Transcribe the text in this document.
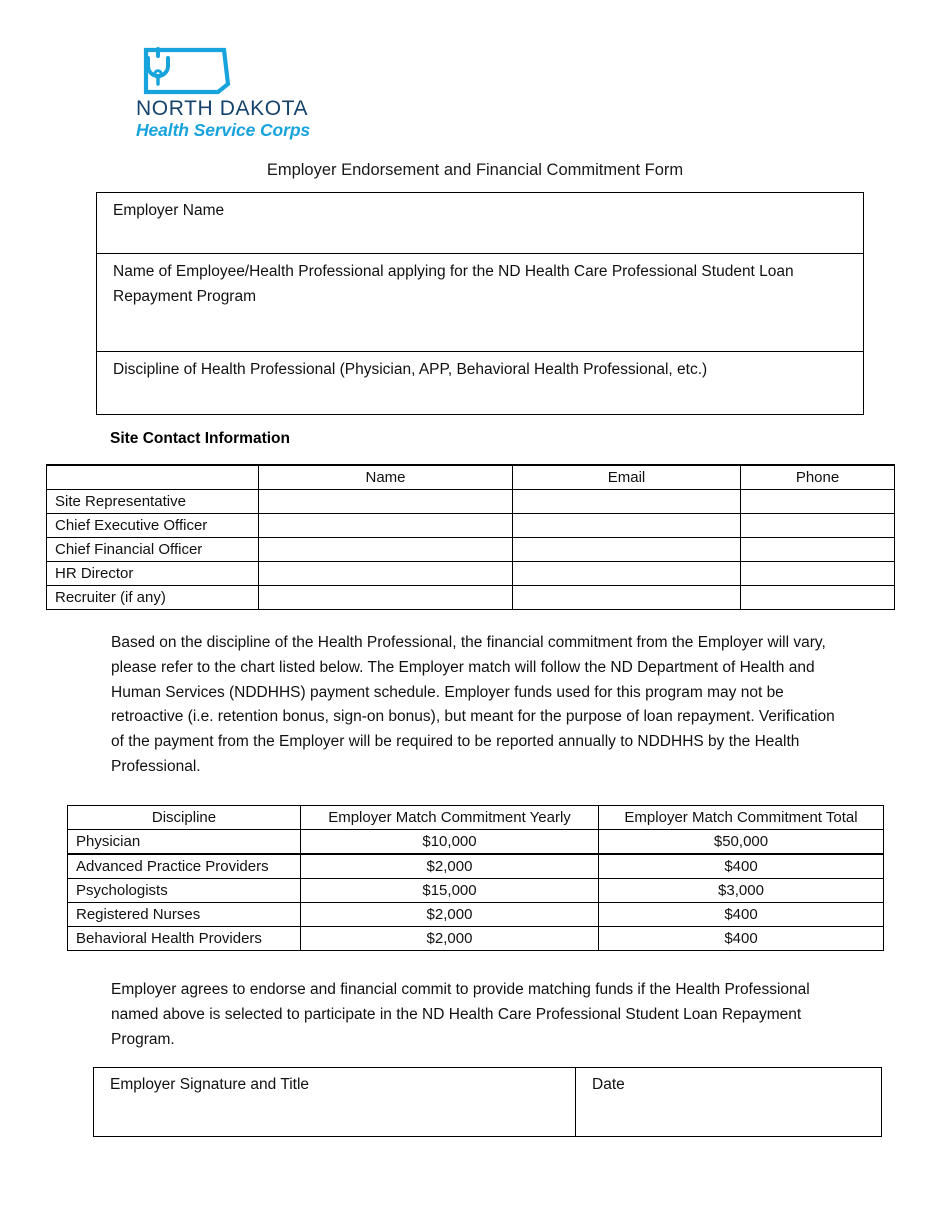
NORTH DAKOTA
Health Service Corps
Employer Endorsement and Financial Commitment Form
Employer Name
Name of Employee/Health Professional applying for the ND Health Care Professional Student Loan Repayment Program
Discipline of Health Professional (Physician, APP, Behavioral Health Professional, etc.)
Site Contact Information
	Name	Email	Phone
Site Representative			
Chief Executive Officer			
Chief Financial Officer			
HR Director			
Recruiter (if any)			
Based on the discipline of the Health Professional, the financial commitment from the Employer will vary, please refer to the chart listed below. The Employer match will follow the ND Department of Health and Human Services (NDDHHS) payment schedule. Employer funds used for this program may not be retroactive (i.e. retention bonus, sign-on bonus), but meant for the purpose of loan repayment. Verification of the payment from the Employer will be required to be reported annually to NDDHHS by the Health Professional.
Discipline	Employer Match Commitment Yearly	Employer Match Commitment Total
Physician	$10,000	$50,000
Advanced Practice Providers	$2,000	$400
Psychologists	$15,000	$3,000
Registered Nurses	$2,000	$400
Behavioral Health Providers	$2,000	$400
Employer agrees to endorse and financial commit to provide matching funds if the Health Professional named above is selected to participate in the ND Health Care Professional Student Loan Repayment Program.
Employer Signature and Title	Date
